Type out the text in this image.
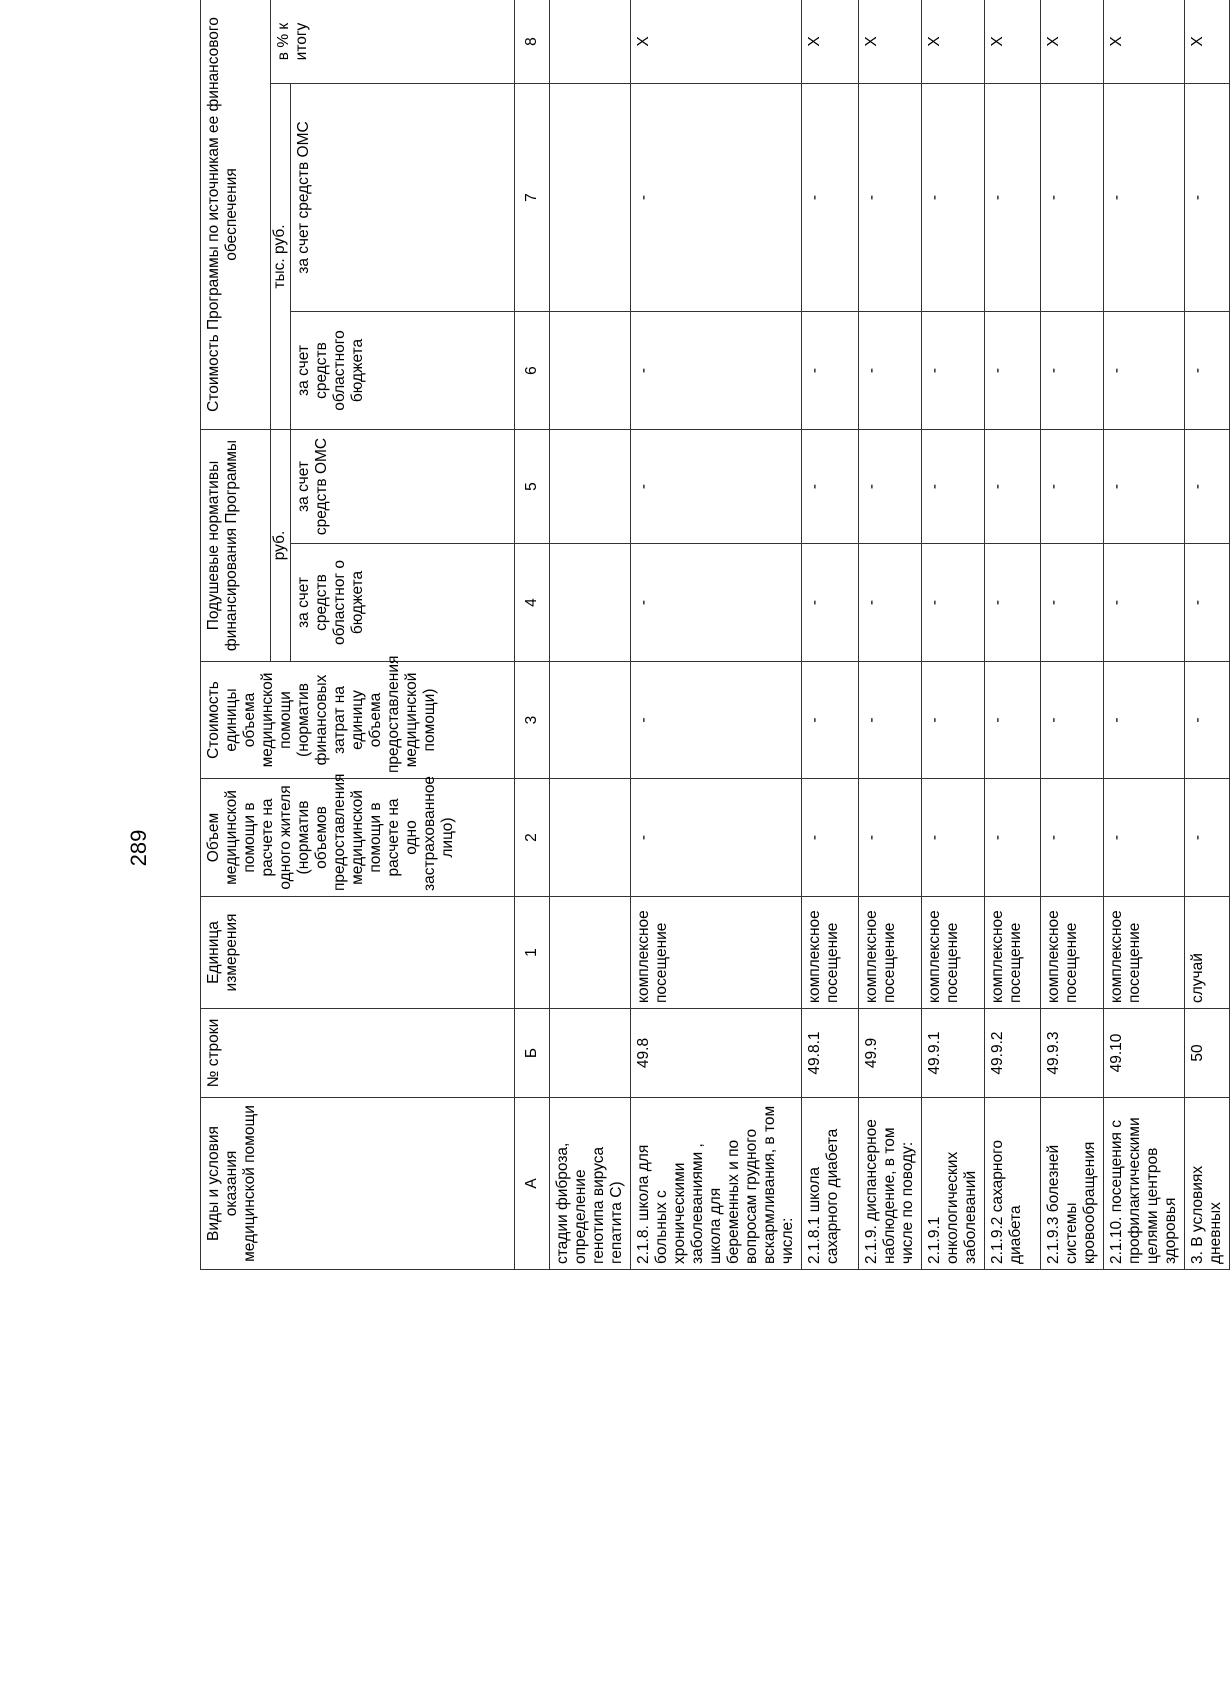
289
Виды и условия оказания медицинской помощи	№ строки	Единица измерения	Объем медицинской помощи в расчете на одного жителя (норматив объемов предоставления медицинской помощи в расчете на одно застрахованное лицо)	Стоимость единицы объема медицинской помощи (норматив финансовых затрат на единицу объема предоставления медицинской помощи)	Подушевые нормативы финансирования Программы		Стоимость Программы по источникам ее финансового обеспечения		
					руб.		тыс. руб.		в % к итогу
					за счет средств областног о бюджета	за счет средств ОМС	за счет средств областного бюджета	за счет средств ОМС	
А	Б	1	2	3	4	5	6	7	8
стадии фиброза, определение генотипа вируса гепатита С)									
2.1.8. школа для больных с хроническими заболеваниями , школа для беременных и по вопросам грудного вскармливания, в том числе:	49.8	комплексное посещение	-	-	-	-	-	-	X
2.1.8.1 школа сахарного диабета	49.8.1	комплексное посещение	-	-	-	-	-	-	X
2.1.9. диспансерное наблюдение, в том числе по поводу:	49.9	комплексное посещение	-	-	-	-	-	-	X
2.1.9.1 онкологических заболеваний	49.9.1	комплексное посещение	-	-	-	-	-	-	X
2.1.9.2 сахарного диабета	49.9.2	комплексное посещение	-	-	-	-	-	-	X
2.1.9.3 болезней системы кровообращения	49.9.3	комплексное посещение	-	-	-	-	-	-	X
2.1.10. посещения с профилактическими целями центров здоровья	49.10	комплексное посещение	-	-	-	-	-	-	X
3. В условиях дневных	50	случай	-	-	-	-	-	-	X
